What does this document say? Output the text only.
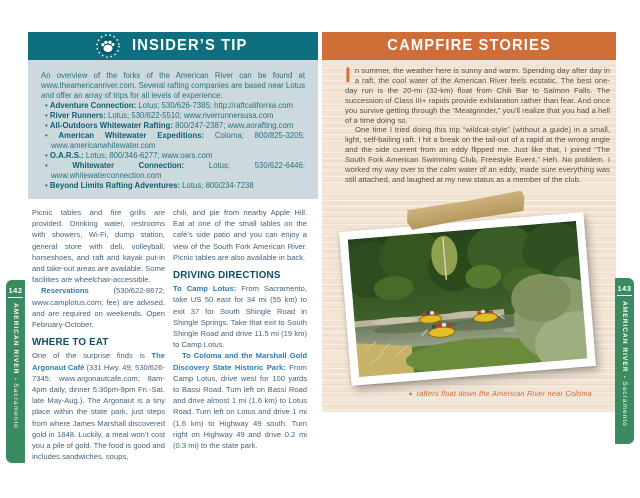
INSIDER’S TIP

An overview of the forks of the American River can be found at www.theamericanriver.com. Several rafting companies are based near Lotus and offer an array of trips for all levels of experience:

• Adventure Connection: Lotus; 530/626-7385; http://raftcalifornia.com
• River Runners: Lotus; 530/622-5510; www.riverrunnersusa.com
• All-Outdoors Whitewater Rafting: 800/247-2387; www.aorafting.com
• American Whitewater Expeditions: Coloma; 800/825-3205; www.americanwhitewater.com
• O.A.R.S.: Lotus; 800/346-6277; www.oars.com
• Whitewater Connection: Lotus; 530/622-6446; www.whitewaterconnection.com
• Beyond Limits Rafting Adventures: Lotus; 800/234-7238

Picnic tables and fire grills are provided. Drinking water, restrooms with showers, Wi-Fi, dump station, general store with deli, volleyball, horseshoes, and raft and kayak put-in and take-out areas are available. Some facilities are wheelchair-accessible.

Reservations (530/622-8672; www.camplotus.com; fee) are advised, and are required on weekends. Open February-October.

WHERE TO EAT

One of the surprise finds is The Argonaut Café (331 Hwy. 49; 530/626-7345; www.argonautcafe.com; 8am-4pm daily, dinner 5:30pm-9pm Fri.-Sat. late May-Aug.). The Argonaut is a tiny place within the state park, just steps from where James Marshall discovered gold in 1848. Luckily, a meal won’t cost you a pile of gold. The food is good and includes sandwiches, soups,

chili, and pie from nearby Apple Hill. Eat at one of the small tables on the café’s side patio and you can enjoy a view of the South Fork American River. Picnic tables are also available in back.

DRIVING DIRECTIONS

To Camp Lotus: From Sacramento, take US 50 east for 34 mi (55 km) to exit 37 for South Shingle Road in Shingle Springs. Take that exit to South Shingle Road and drive 11.5 mi (19 km) to Camp Lotus.

To Coloma and the Marshall Gold Discovery State Historic Park: From Camp Lotus, drive west for 100 yards to Bassi Road. Turn left on Bassi Road and drive almost 1 mi (1.6 km) to Lotus Road. Turn left on Lotus and drive 1 mi (1.6 km) to Highway 49 south. Turn right on Highway 49 and drive 0.2 mi (0.3 mi) to the state park.

142
AMERICAN RIVER•Sacramento
CAMPFIRE STORIES

In summer, the weather here is sunny and warm. Spending day after day in a raft, the cool water of the American River feels ecstatic. The best one-day run is the 20-mi (32-km) float from Chili Bar to Salmon Falls. The succession of Class III+ rapids provide exhilaration rather than fear. And once you survive getting through the “Meatgrinder,” you’ll realize that you had a hell of a time doing so.

One time I tried doing this trip “wildcat-style” (without a guide) in a small, light, self-bailing raft. I hit a break on the tail-out of a rapid at the wrong angle and the side current from an eddy flipped me. Just like that, I joined “The South Fork American Swimming Club, Freestyle Event.” Heh. No problem. I worked my way over to the calm water of an eddy, made sure everything was still attached, and laughed at my new status as a member of the club.

▲ rafters float down the American River near Coloma
143
AMERICAN RIVER•Sacramento
